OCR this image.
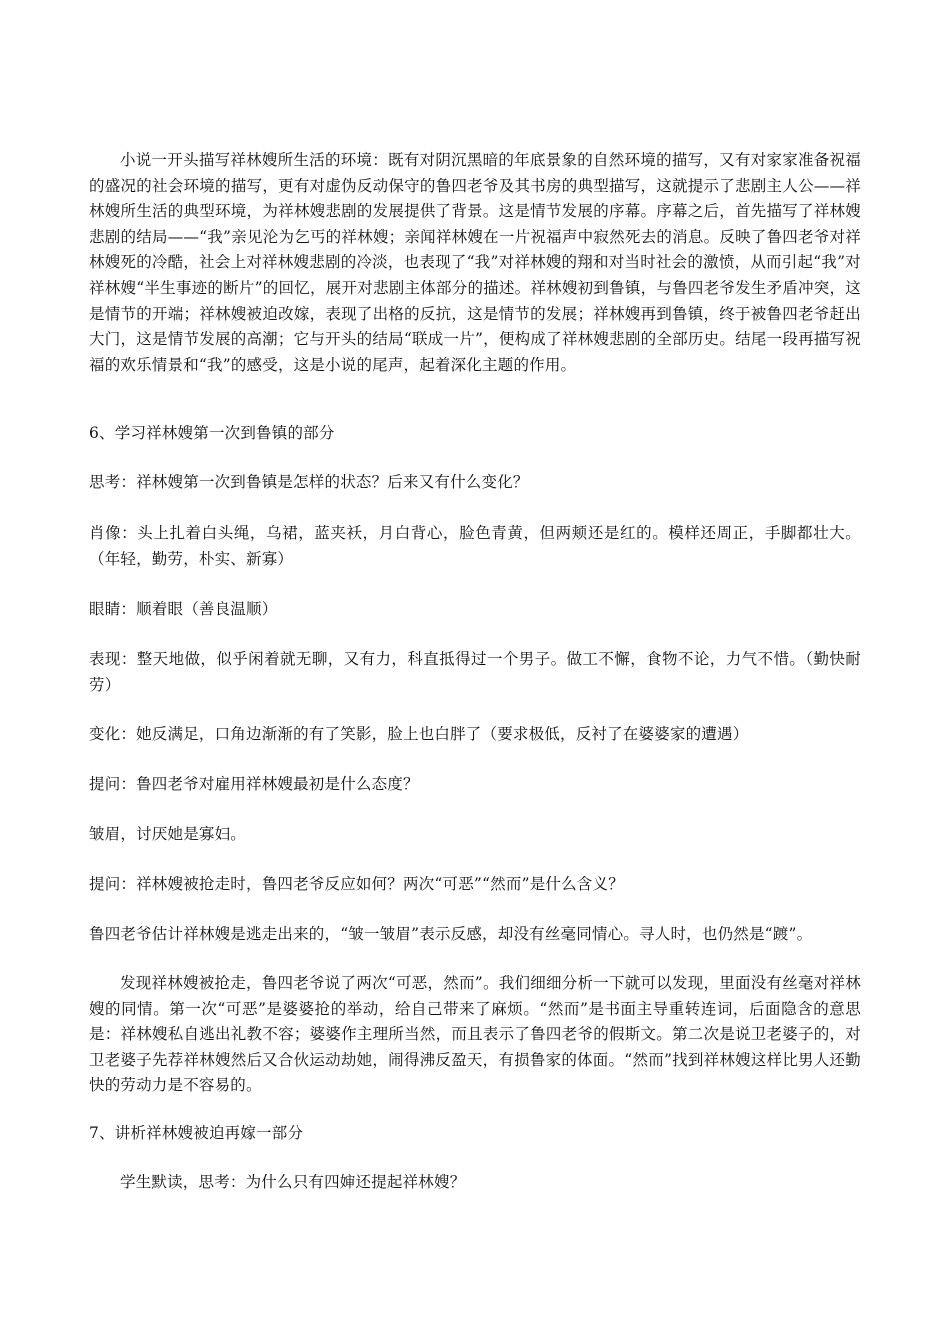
小说一开头描写祥林嫂所生活的环境：既有对阴沉黑暗的年底景象的自然环境的描写，又有对家家准备祝福的盛况的社会环境的描写，更有对虚伪反动保守的鲁四老爷及其书房的典型描写，这就提示了悲剧主人公——祥林嫂所生活的典型环境，为祥林嫂悲剧的发展提供了背景。这是情节发展的序幕。序幕之后，首先描写了祥林嫂悲剧的结局——“我”亲见沦为乞丐的祥林嫂；亲闻祥林嫂在一片祝福声中寂然死去的消息。反映了鲁四老爷对祥林嫂死的冷酷，社会上对祥林嫂悲剧的冷淡，也表现了“我”对祥林嫂的翔和对当时社会的激愤，从而引起“我”对祥林嫂“半生事迹的断片”的回忆，展开对悲剧主体部分的描述。祥林嫂初到鲁镇，与鲁四老爷发生矛盾冲突，这是情节的开端；祥林嫂被迫改嫁，表现了出格的反抗，这是情节的发展；祥林嫂再到鲁镇，终于被鲁四老爷赶出大门，这是情节发展的高潮；它与开头的结局“联成一片”，便构成了祥林嫂悲剧的全部历史。结尾一段再描写祝福的欢乐情景和“我”的感受，这是小说的尾声，起着深化主题的作用。

6、学习祥林嫂第一次到鲁镇的部分

思考：祥林嫂第一次到鲁镇是怎样的状态？后来又有什么变化？

肖像：头上扎着白头绳，乌裙，蓝夹袄，月白背心，脸色青黄，但两颊还是红的。模样还周正，手脚都壮大。（年轻，勤劳，朴实、新寡）

眼睛：顺着眼（善良温顺）

表现：整天地做，似乎闲着就无聊，又有力，科直抵得过一个男子。做工不懈，食物不论，力气不惜。（勤快耐劳）

变化：她反满足，口角边渐渐的有了笑影，脸上也白胖了（要求极低，反衬了在婆婆家的遭遇）

提问：鲁四老爷对雇用祥林嫂最初是什么态度？

皱眉，讨厌她是寡妇。

提问：祥林嫂被抢走时，鲁四老爷反应如何？两次“可恶”“然而”是什么含义？

鲁四老爷估计祥林嫂是逃走出来的，“皱一皱眉”表示反感，却没有丝毫同情心。寻人时，也仍然是“踱”。

发现祥林嫂被抢走，鲁四老爷说了两次“可恶，然而”。我们细细分析一下就可以发现，里面没有丝毫对祥林嫂的同情。第一次“可恶”是婆婆抢的举动，给自己带来了麻烦。“然而”是书面主导重转连词，后面隐含的意思是：祥林嫂私自逃出礼教不容；婆婆作主理所当然，而且表示了鲁四老爷的假斯文。第二次是说卫老婆子的，对卫老婆子先荐祥林嫂然后又合伙运动劫她，闹得沸反盈天，有损鲁家的体面。“然而”找到祥林嫂这样比男人还勤快的劳动力是不容易的。

7、讲析祥林嫂被迫再嫁一部分

学生默读，思考：为什么只有四婶还提起祥林嫂？
